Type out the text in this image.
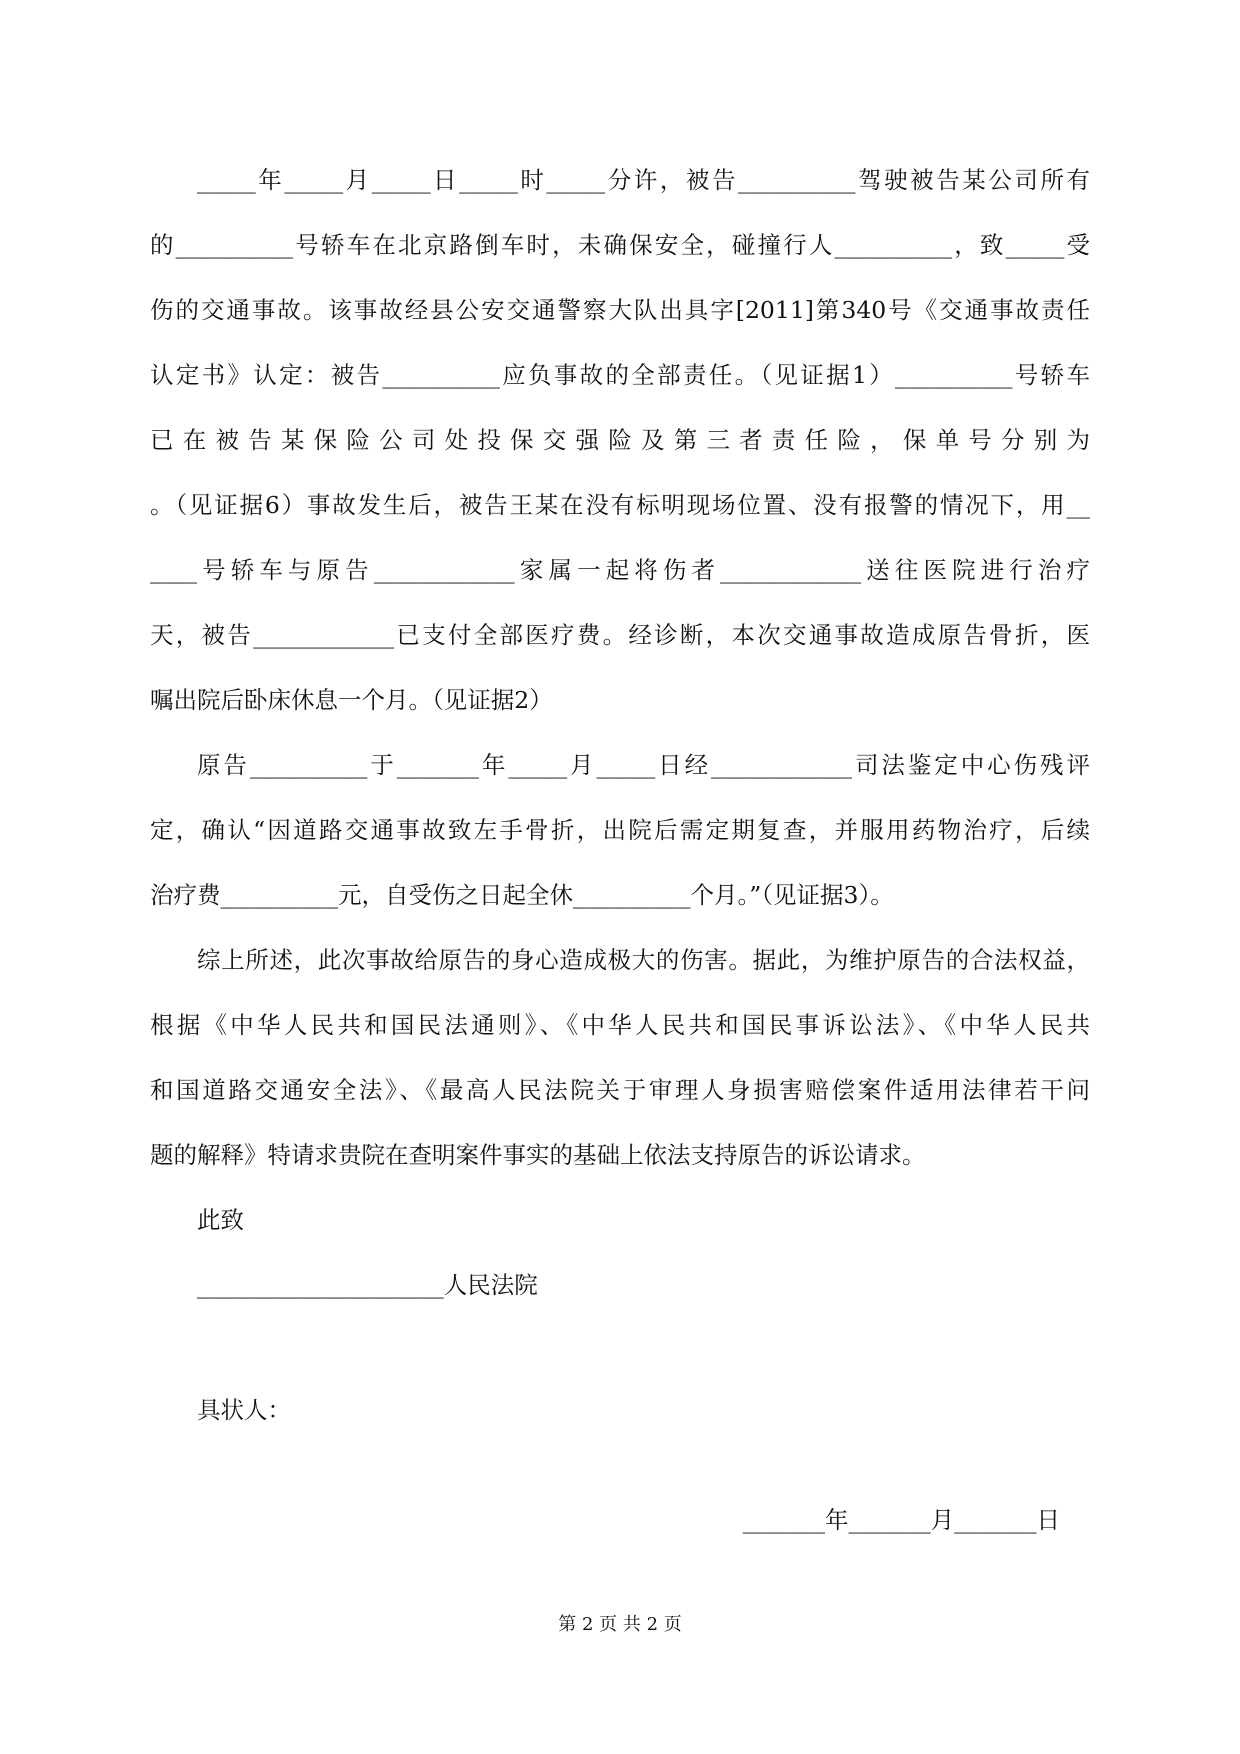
_____年_____月_____日_____时_____分许，被告__________驾驶被告某公司所有
的__________号轿车在北京路倒车时，未确保安全，碰撞行人__________，致_____受
伤的交通事故。该事故经县公安交通警察大队出具字[2011]第340号《交通事故责任
认定书》认定：被告__________应负事故的全部责任。（见证据1）__________号轿车
已在被告某保险公司处投保交强险及第三者责任险，保单号分别为
。（见证据6）事故发生后，被告王某在没有标明现场位置、没有报警的情况下，用__
____号轿车与原告____________家属一起将伤者____________送往医院进行治疗
天，被告____________已支付全部医疗费。经诊断，本次交通事故造成原告骨折，医
嘱出院后卧床休息一个月。（见证据2）
原告__________于_______年_____月_____日经____________司法鉴定中心伤残评
定，确认“因道路交通事故致左手骨折，出院后需定期复查，并服用药物治疗，后续
治疗费__________元，自受伤之日起全休__________个月。”（见证据3）。
综上所述，此次事故给原告的身心造成极大的伤害。据此，为维护原告的合法权益，
根据《中华人民共和国民法通则》、《中华人民共和国民事诉讼法》、《中华人民共
和国道路交通安全法》、《最高人民法院关于审理人身损害赔偿案件适用法律若干问
题的解释》特请求贵院在查明案件事实的基础上依法支持原告的诉讼请求。
此致
_____________________人民法院
具状人：
_______年_______月_______日
第 2 页 共 2 页
